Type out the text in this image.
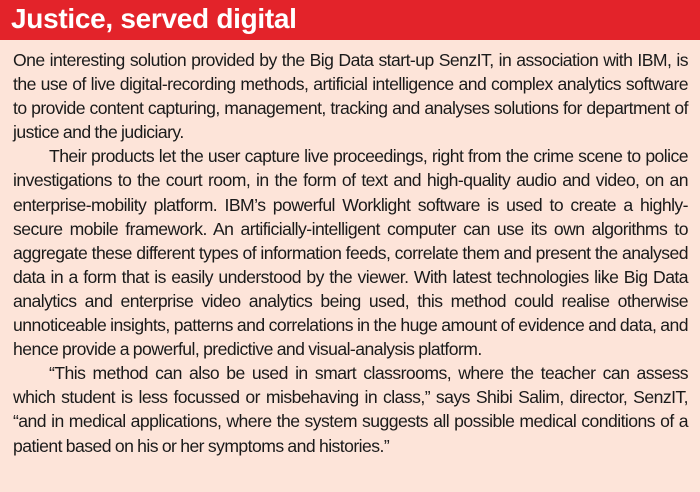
Justice, served digital

One interesting solution provided by the Big Data start-up SenzIT, in association with IBM, is the use of live digital-recording methods, artificial intelligence and complex analytics software to provide content capturing, management, tracking and analyses solutions for department of justice and the judiciary.

Their products let the user capture live proceedings, right from the crime scene to police investigations to the court room, in the form of text and high-quality audio and video, on an enterprise-mobility platform. IBM’s powerful Worklight software is used to create a highly-secure mobile framework. An artificially-intelligent computer can use its own algorithms to aggregate these different types of information feeds, correlate them and present the analysed data in a form that is easily understood by the viewer. With latest technologies like Big Data analytics and enterprise video analytics being used, this method could realise otherwise unnoticeable insights, patterns and correlations in the huge amount of evidence and data, and hence provide a powerful, predictive and visual-analysis platform.

“This method can also be used in smart classrooms, where the teacher can assess which student is less focussed or misbehaving in class,” says Shibi Salim, director, SenzIT, “and in medical applications, where the system suggests all possible medical conditions of a patient based on his or her symptoms and histories.”
